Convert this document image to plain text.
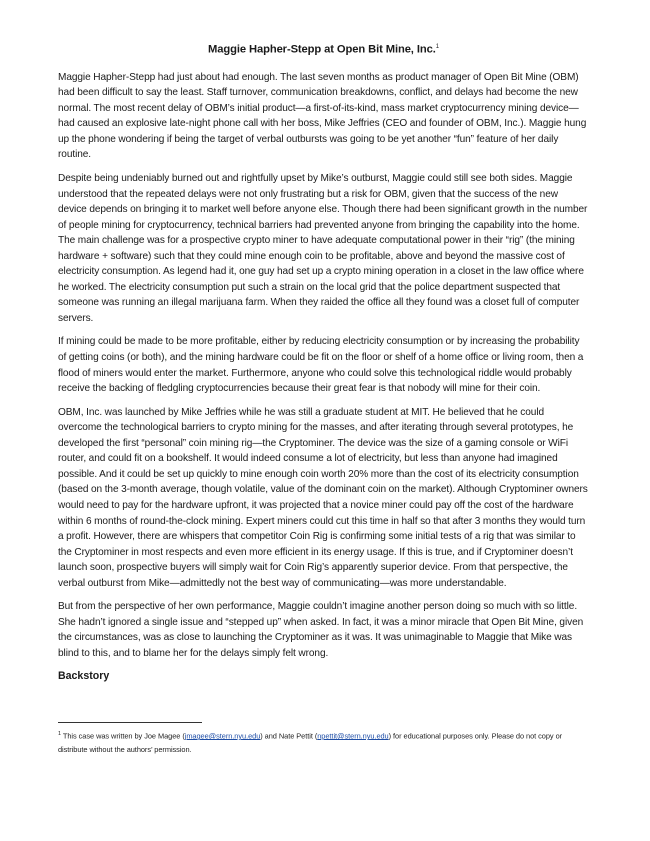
Maggie Hapher-Stepp at Open Bit Mine, Inc.$^1$

Maggie Hapher-Stepp had just about had enough. The last seven months as product manager of Open Bit Mine (OBM) had been difficult to say the least. Staff turnover, communication breakdowns, conflict, and delays had become the new normal. The most recent delay of OBM’s initial product—a first-of-its-kind, mass market cryptocurrency mining device—had caused an explosive late-night phone call with her boss, Mike Jeffries (CEO and founder of OBM, Inc.). Maggie hung up the phone wondering if being the target of verbal outbursts was going to be yet another “fun” feature of her daily routine.

Despite being undeniably burned out and rightfully upset by Mike’s outburst, Maggie could still see both sides. Maggie understood that the repeated delays were not only frustrating but a risk for OBM, given that the success of the new device depends on bringing it to market well before anyone else. Though there had been significant growth in the number of people mining for cryptocurrency, technical barriers had prevented anyone from bringing the capability into the home. The main challenge was for a prospective crypto miner to have adequate computational power in their “rig” (the mining hardware + software) such that they could mine enough coin to be profitable, above and beyond the massive cost of electricity consumption. As legend had it, one guy had set up a crypto mining operation in a closet in the law office where he worked. The electricity consumption put such a strain on the local grid that the police department suspected that someone was running an illegal marijuana farm. When they raided the office all they found was a closet full of computer servers.

If mining could be made to be more profitable, either by reducing electricity consumption or by increasing the probability of getting coins (or both), and the mining hardware could be fit on the floor or shelf of a home office or living room, then a flood of miners would enter the market. Furthermore, anyone who could solve this technological riddle would probably receive the backing of fledgling cryptocurrencies because their great fear is that nobody will mine for their coin.

OBM, Inc. was launched by Mike Jeffries while he was still a graduate student at MIT. He believed that he could overcome the technological barriers to crypto mining for the masses, and after iterating through several prototypes, he developed the first “personal” coin mining rig—the Cryptominer. The device was the size of a gaming console or WiFi router, and could fit on a bookshelf. It would indeed consume a lot of electricity, but less than anyone had imagined possible. And it could be set up quickly to mine enough coin worth 20% more than the cost of its electricity consumption (based on the 3-month average, though volatile, value of the dominant coin on the market). Although Cryptominer owners would need to pay for the hardware upfront, it was projected that a novice miner could pay off the cost of the hardware within 6 months of round-the-clock mining. Expert miners could cut this time in half so that after 3 months they would turn a profit. However, there are whispers that competitor Coin Rig is confirming some initial tests of a rig that was similar to the Cryptominer in most respects and even more efficient in its energy usage. If this is true, and if Cryptominer doesn’t launch soon, prospective buyers will simply wait for Coin Rig’s apparently superior device. From that perspective, the verbal outburst from Mike—admittedly not the best way of communicating—was more understandable.

But from the perspective of her own performance, Maggie couldn’t imagine another person doing so much with so little. She hadn’t ignored a single issue and “stepped up” when asked. In fact, it was a minor miracle that Open Bit Mine, given the circumstances, was as close to launching the Cryptominer as it was. It was unimaginable to Maggie that Mike was blind to this, and to blame her for the delays simply felt wrong.

Backstory
$^1$ This case was written by Joe Magee (jmagee@stern.nyu.edu) and Nate Pettit (npettit@stern.nyu.edu) for educational purposes only. Please do not copy or distribute without the authors’ permission.
